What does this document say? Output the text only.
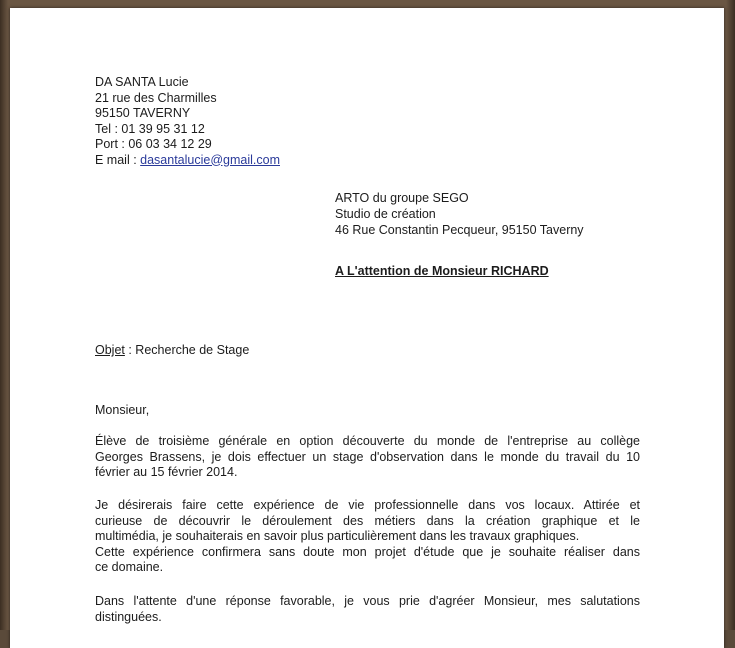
DA SANTA Lucie
21 rue des Charmilles
95150 TAVERNY
Tel : 01 39 95 31 12
Port : 06 03 34 12 29
E mail : dasantalucie@gmail.com
ARTO du groupe SEGO
Studio de création
46 Rue Constantin Pecqueur, 95150 Taverny
A L'attention de Monsieur RICHARD
Objet : Recherche de Stage
Monsieur,
Élève de troisième générale en option découverte du monde de l'entreprise au collège
Georges Brassens, je dois effectuer un stage d'observation dans le monde du travail du 10
février au 15 février 2014.
Je désirerais faire cette expérience de vie professionnelle dans vos locaux. Attirée et
curieuse de découvrir le déroulement des métiers dans la création graphique et le
multimédia, je souhaiterais en savoir plus particulièrement dans les travaux graphiques.
Cette expérience confirmera sans doute mon projet d'étude que je souhaite réaliser dans
ce domaine.
Dans l'attente d'une réponse favorable, je vous prie d'agréer Monsieur, mes salutations
distinguées.
